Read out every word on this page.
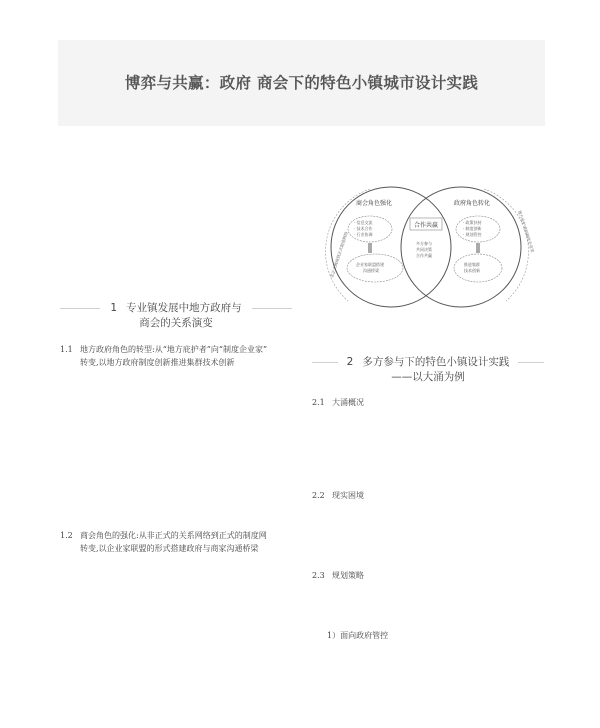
博弈与共赢：政府 商会下的特色小镇城市设计实践
1 专业镇发展中地方政府与
商会的关系演变
1.1 地方政府角色的转型:从“地方庇护者”向“制度企业家”
转变,以地方政府制度创新推进集群技术创新
1.2 商会角色的强化:从非正式的关系网络到正式的制度网
转变,以企业家联盟的形式搭建政府与商家沟通桥梁
非正式网络到正式制度网络	地方庇护者到制度企业家
商会角色强化	政府角色转化
· 信息交流
· 技术合作
· 行业协调
企业家联盟搭建
沟通桥梁
· 政策扶持
· 制度创新
· 规划管控
推进集群
技术创新
合作共赢
多方参与
共同决策
合作共赢
2 多方参与下的特色小镇设计实践
——以大涌为例
2.1 大涌概况
2.2 现实困境
2.3 规划策略
1）面向政府管控
